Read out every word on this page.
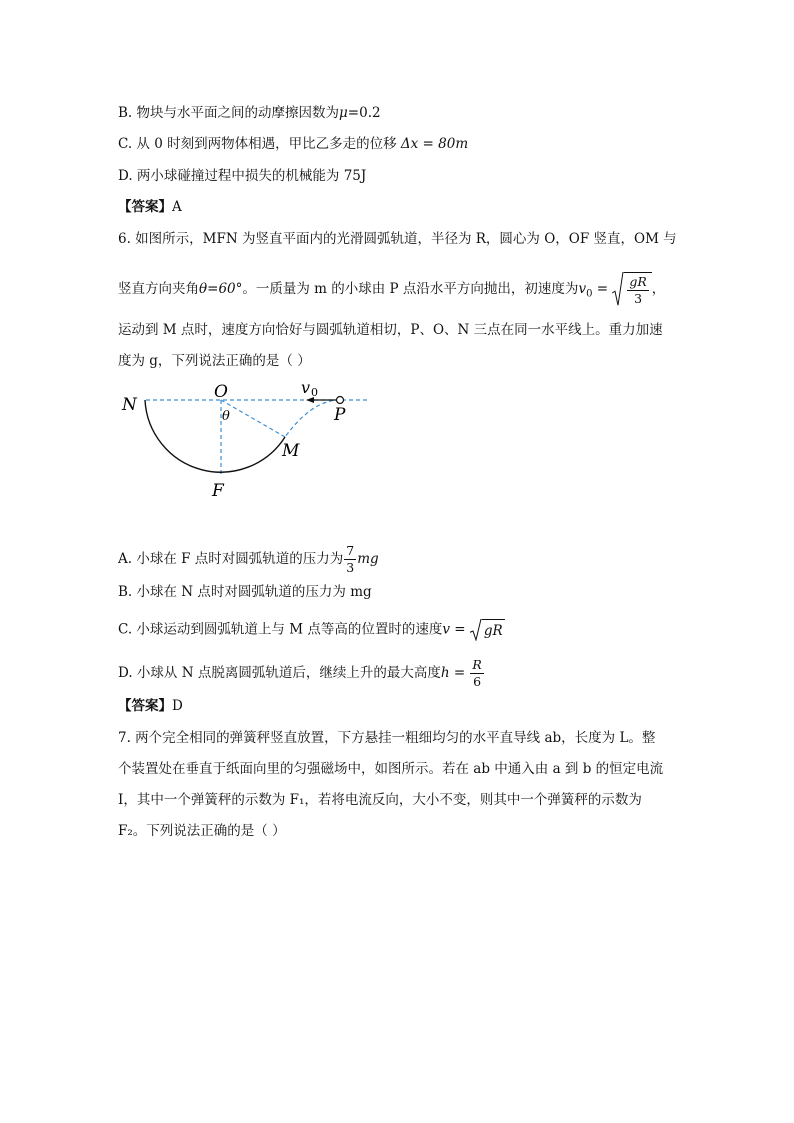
B. 物块与水平面之间的动摩擦因数为μ=0.2
C. 从 0 时刻到两物体相遇，甲比乙多走的位移 Δx = 80m
D. 两小球碰撞过程中损失的机械能为 75J
【答案】A
6. 如图所示，MFN 为竖直平面内的光滑圆弧轨道，半径为 R，圆心为 O，OF 竖直，OM 与
竖直方向夹角θ=60°。一质量为 m 的小球由 P 点沿水平方向抛出，初速度为$v_0 = \frac{gR}{3}$ ，
运动到 M 点时，速度方向恰好与圆弧轨道相切，P、O、N 三点在同一水平线上。重力加速
度为 g，下列说法正确的是（ ）
N
O
θ
v 0
P
M
F
A. 小球在 F 点时对圆弧轨道的压力为 $\frac{7}{3}$ mg
B. 小球在 N 点时对圆弧轨道的压力为 mg
C. 小球运动到圆弧轨道上与 M 点等高的位置时的速度v =
gR
D. 小球从 N 点脱离圆弧轨道后，继续上升的最大高度$h = \frac{R}{6}$
【答案】D
7. 两个完全相同的弹簧秤竖直放置，下方悬挂一粗细均匀的水平直导线 ab，长度为 L。整
个装置处在垂直于纸面向里的匀强磁场中，如图所示。若在 ab 中通入由 a 到 b 的恒定电流
I，其中一个弹簧秤的示数为 F₁，若将电流反向，大小不变，则其中一个弹簧秤的示数为
F₂。下列说法正确的是（ ）
